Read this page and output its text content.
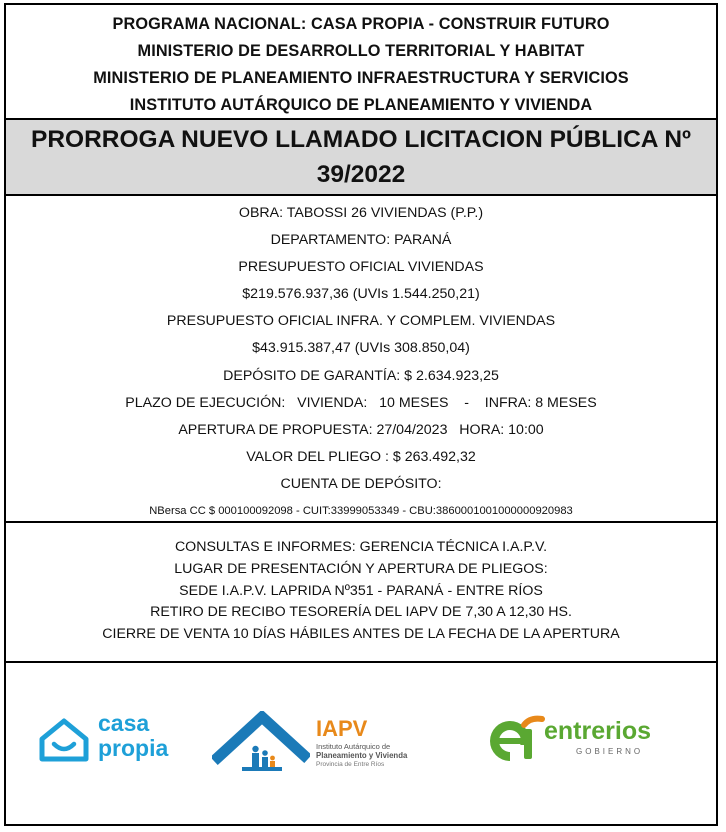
PROGRAMA NACIONAL: CASA PROPIA - CONSTRUIR FUTURO
MINISTERIO DE DESARROLLO TERRITORIAL Y HABITAT
MINISTERIO DE PLANEAMIENTO INFRAESTRUCTURA Y SERVICIOS
INSTITUTO AUTÁRQUICO DE PLANEAMIENTO Y VIVIENDA
PRORROGA NUEVO LLAMADO LICITACION PÚBLICA Nº
39/2022
OBRA: TABOSSI 26 VIVIENDAS (P.P.)
DEPARTAMENTO: PARANÁ
PRESUPUESTO OFICIAL VIVIENDAS
$219.576.937,36 (UVIs 1.544.250,21)
PRESUPUESTO OFICIAL INFRA. Y COMPLEM. VIVIENDAS
$43.915.387,47 (UVIs 308.850,04)
DEPÓSITO DE GARANTÍA: $ 2.634.923,25
PLAZO DE EJECUCIÓN:   VIVIENDA:   10 MESES    -    INFRA: 8 MESES
APERTURA DE PROPUESTA: 27/04/2023   HORA: 10:00
VALOR DEL PLIEGO : $ 263.492,32
CUENTA DE DEPÓSITO:
NBersa CC $ 000100092098 - CUIT:33999053349 - CBU:3860001001000000920983
CONSULTAS E INFORMES: GERENCIA TÉCNICA I.A.P.V.
LUGAR DE PRESENTACIÓN Y APERTURA DE PLIEGOS:
SEDE I.A.P.V. LAPRIDA Nº351 - PARANÁ - ENTRE RÍOS
RETIRO DE RECIBO TESORERÍA DEL IAPV DE 7,30 A 12,30 HS.
CIERRE DE VENTA 10 DÍAS HÁBILES ANTES DE LA FECHA DE LA APERTURA
casa
propia
IAPV
Instituto Autárquico de
Planeamiento y Vivienda
Provincia de Entre Ríos
entrerios
GOBIERNO
